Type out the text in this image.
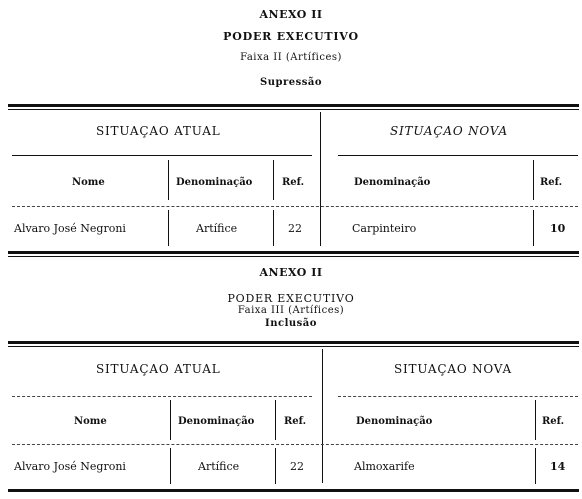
ANEXO II
PODER EXECUTIVO
Faixa II (Artífices)
Supressão
SITUAÇAO ATUAL	SITUAÇAO NOVA
Nome	Denominação	Ref.	Denominação	Ref.
Alvaro José Negroni	Artífice	22	Carpinteiro	10
ANEXO II
PODER EXECUTIVO
Faixa III (Artífices)
Inclusão
SITUAÇAO ATUAL	SITUAÇAO NOVA
Nome	Denominação	Ref.	Denominação	Ref.
Alvaro José Negroni	Artífice	22	Almoxarife	14
